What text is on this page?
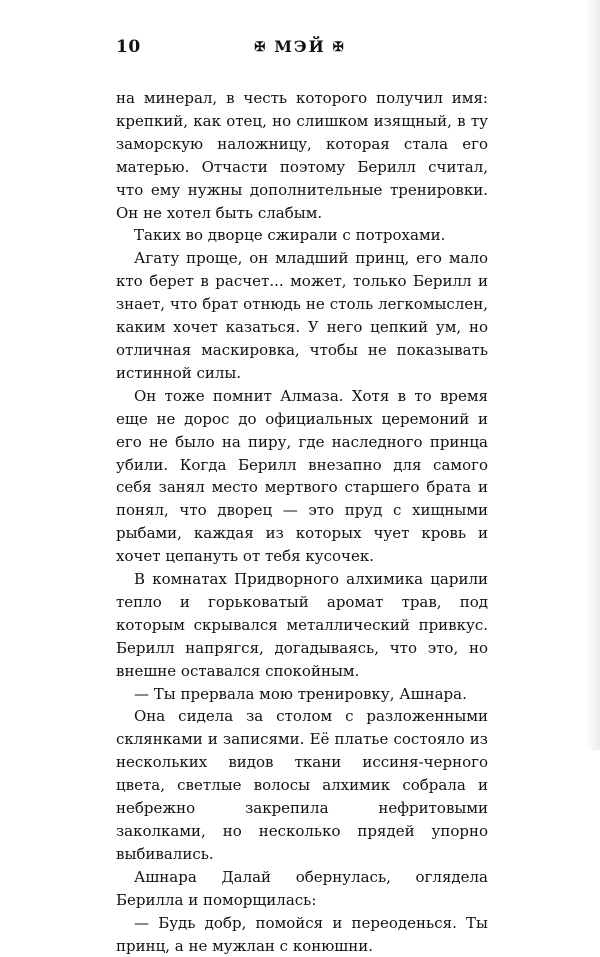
10	✠ МЭЙ ✠

на минерал, в честь которого получил имя: крепкий, как отец, но слишком изящный, в ту заморскую наложницу, которая стала его матерью. Отчасти поэтому Берилл считал, что ему нужны дополнительные тренировки. Он не хотел быть слабым.

Таких во дворце сжирали с потрохами.

Агату проще, он младший принц, его мало кто берет в расчет... может, только Берилл и знает, что брат отнюдь не столь легкомыслен, каким хочет казаться. У него цепкий ум, но отличная маскировка, чтобы не показывать истинной силы.

Он тоже помнит Алмаза. Хотя в то время еще не дорос до официальных церемоний и его не было на пиру, где наследного принца убили. Когда Берилл внезапно для самого себя занял место мертвого старшего брата и понял, что дворец — это пруд с хищными рыбами, каждая из которых чует кровь и хочет цепануть от тебя кусочек.

В комнатах Придворного алхимика царили тепло и горьковатый аромат трав, под которым скрывался металлический привкус. Берилл напрягся, догадываясь, что это, но внешне оставался спокойным.

— Ты прервала мою тренировку, Ашнара.

Она сидела за столом с разложенными склянками и записями. Её платье состояло из нескольких видов ткани иссиня-черного цвета, светлые волосы алхимик собрала и небрежно закрепила нефритовыми заколками, но несколько прядей упорно выбивались.

Ашнара Далай обернулась, оглядела Берилла и поморщилась:

— Будь добр, помойся и переоденься. Ты принц, а не мужлан с конюшни.
